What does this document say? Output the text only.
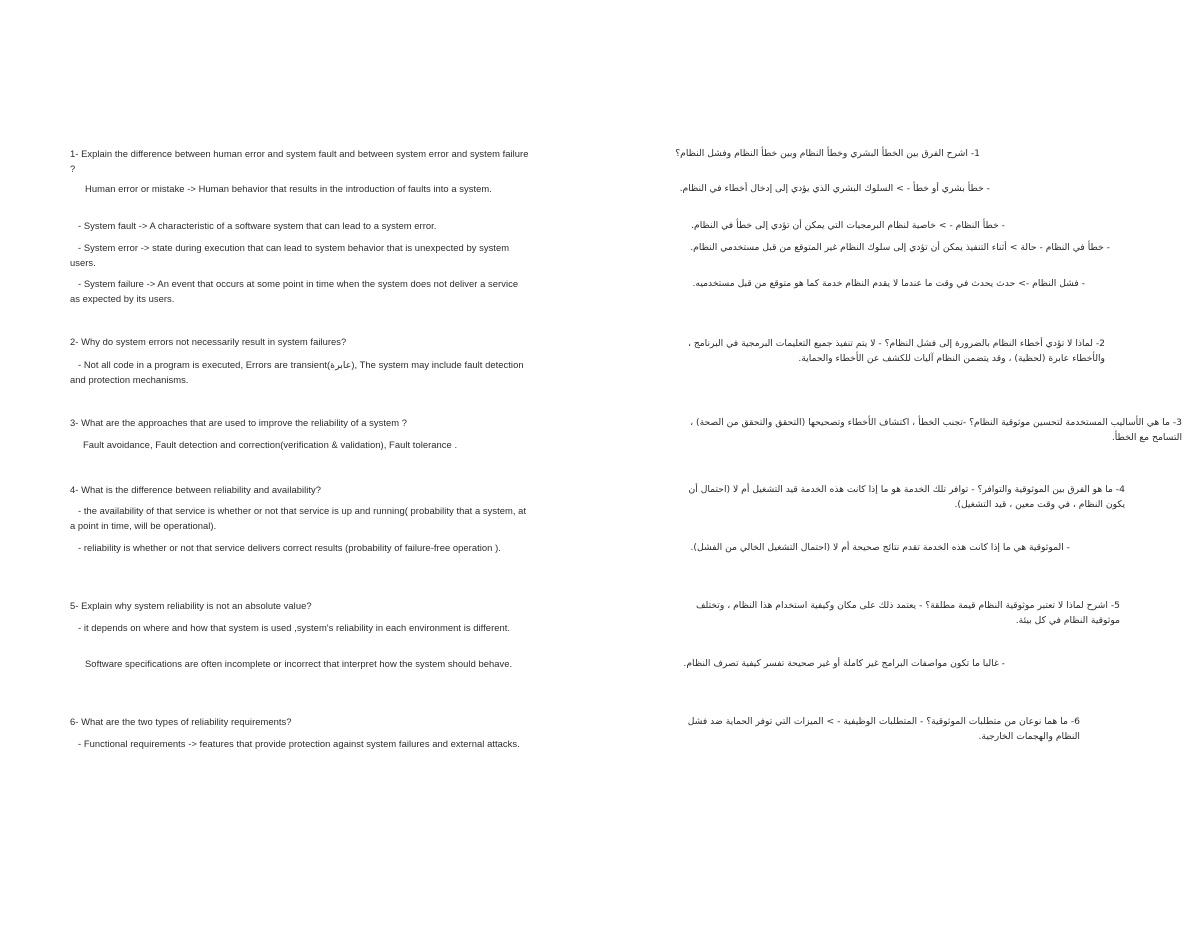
1- Explain the difference between human error and system fault and between system error and system failure ?

Human error or mistake -> Human behavior that results in the introduction of faults into a system.

- System fault -> A characteristic of a software system that can lead to a system error.

- System error -> state during execution that can lead to system behavior that is unexpected by system users.

- System failure -> An event that occurs at some point in time when the system does not deliver a service as expected by its users.

2- Why do system errors not necessarily result in system failures?

- Not all code in a program is executed, Errors are transient(عابرة), The system may include fault detection and protection mechanisms.

3- What are the approaches that are used to improve the reliability of a system ?

Fault avoidance, Fault detection and correction(verification & validation), Fault tolerance .

4- What is the difference between reliability and availability?

- the availability of that service is whether or not that service is up and running( probability that a system, at a point in time, will be operational).

- reliability is whether or not that service delivers correct results (probability of failure-free operation ).

5- Explain why system reliability is not an absolute value?

- it depends on where and how that system is used ,system's reliability in each environment is different.

Software specifications are often incomplete or incorrect that interpret how the system should behave.

6- What are the two types of reliability requirements?

- Functional requirements -> features that provide protection against system failures and external attacks.

1- اشرح الفرق بين الخطأ البشري وخطأ النظام وبين خطأ النظام وفشل النظام؟

- خطأ بشري أو خطأ - > السلوك البشري الذي يؤدي إلى إدخال أخطاء في النظام.

- خطأ النظام - > خاصية لنظام البرمجيات التي يمكن أن تؤدي إلى خطأ في النظام.

- خطأ في النظام - حالة > أثناء التنفيذ يمكن أن تؤدي إلى سلوك النظام غير المتوقع من قبل مستخدمي النظام.

- فشل النظام -> حدث يحدث في وقت ما عندما لا يقدم النظام خدمة كما هو متوقع من قبل مستخدميه.

2- لماذا لا تؤدي أخطاء النظام بالضرورة إلى فشل النظام؟ - لا يتم تنفيذ جميع التعليمات البرمجية في البرنامج ، والأخطاء عابرة (لحظية) ، وقد يتضمن النظام آليات للكشف عن الأخطاء والحماية.

3- ما هي الأساليب المستخدمة لتحسين موثوقية النظام؟ -تجنب الخطأ ، اكتشاف الأخطاء وتصحيحها (التحقق والتحقق من الصحة) ، التسامح مع الخطأ.

4- ما هو الفرق بين الموثوقية والتوافر؟ - توافر تلك الخدمة هو ما إذا كانت هذه الخدمة قيد التشغيل أم لا (احتمال أن يكون النظام ، في وقت معين ، قيد التشغيل).

- الموثوقية هي ما إذا كانت هذه الخدمة تقدم نتائج صحيحة أم لا (احتمال التشغيل الخالي من الفشل).

5- اشرح لماذا لا تعتبر موثوقية النظام قيمة مطلقة؟ - يعتمد ذلك على مكان وكيفية استخدام هذا النظام ، وتختلف موثوقية النظام في كل بيئة.

- غالبا ما تكون مواصفات البرامج غير كاملة أو غير صحيحة تفسر كيفية تصرف النظام.

6- ما هما نوعان من متطلبات الموثوقية؟ - المتطلبات الوظيفية - > الميزات التي توفر الحماية ضد فشل النظام والهجمات الخارجية.
